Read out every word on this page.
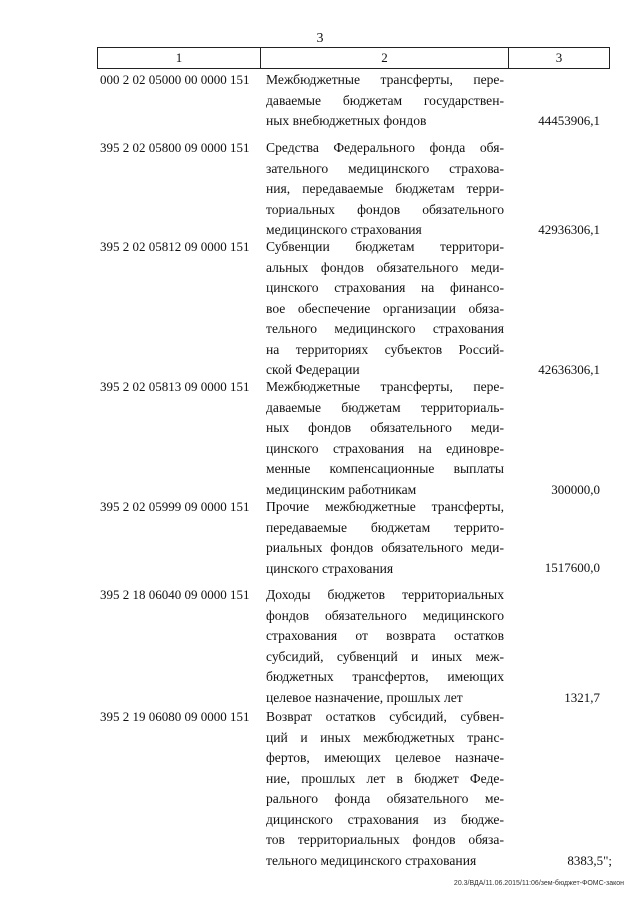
3
1	2	3
000 2 02 05000 00 0000 151	Межбюджетные трансферты, пере-
даваемые бюджетам государствен-
ных внебюджетных фондов	44453906,1
395 2 02 05800 09 0000 151	Средства Федерального фонда обя-
зательного медицинского страхова-
ния, передаваемые бюджетам терри-
ториальных фондов обязательного
медицинского страхования	42936306,1
395 2 02 05812 09 0000 151	Субвенции бюджетам территори-
альных фондов обязательного меди-
цинского страхования на финансо-
вое обеспечение организации обяза-
тельного медицинского страхования
на территориях субъектов Россий-
ской Федерации	42636306,1
395 2 02 05813 09 0000 151	Межбюджетные трансферты, пере-
даваемые бюджетам территориаль-
ных фондов обязательного меди-
цинского страхования на единовре-
менные компенсационные выплаты
медицинским работникам	300000,0
395 2 02 05999 09 0000 151	Прочие межбюджетные трансферты,
передаваемые бюджетам террито-
риальных фондов обязательного меди-
цинского страхования	1517600,0
395 2 18 06040 09 0000 151	Доходы бюджетов территориальных
фондов обязательного медицинского
страхования от возврата остатков
субсидий, субвенций и иных меж-
бюджетных трансфертов, имеющих
целевое назначение, прошлых лет	1321,7
395 2 19 06080 09 0000 151	Возврат остатков субсидий, субвен-
ций и иных межбюджетных транс-
фертов, имеющих целевое назначе-
ние, прошлых лет в бюджет Феде-
рального фонда обязательного ме-
дицинского страхования из бюдже-
тов территориальных фондов обяза-
тельного медицинского страхования	8383,5";
20.3/ВДА/11.06.2015/11:06/зем-бюджет-ФОМС-закон
